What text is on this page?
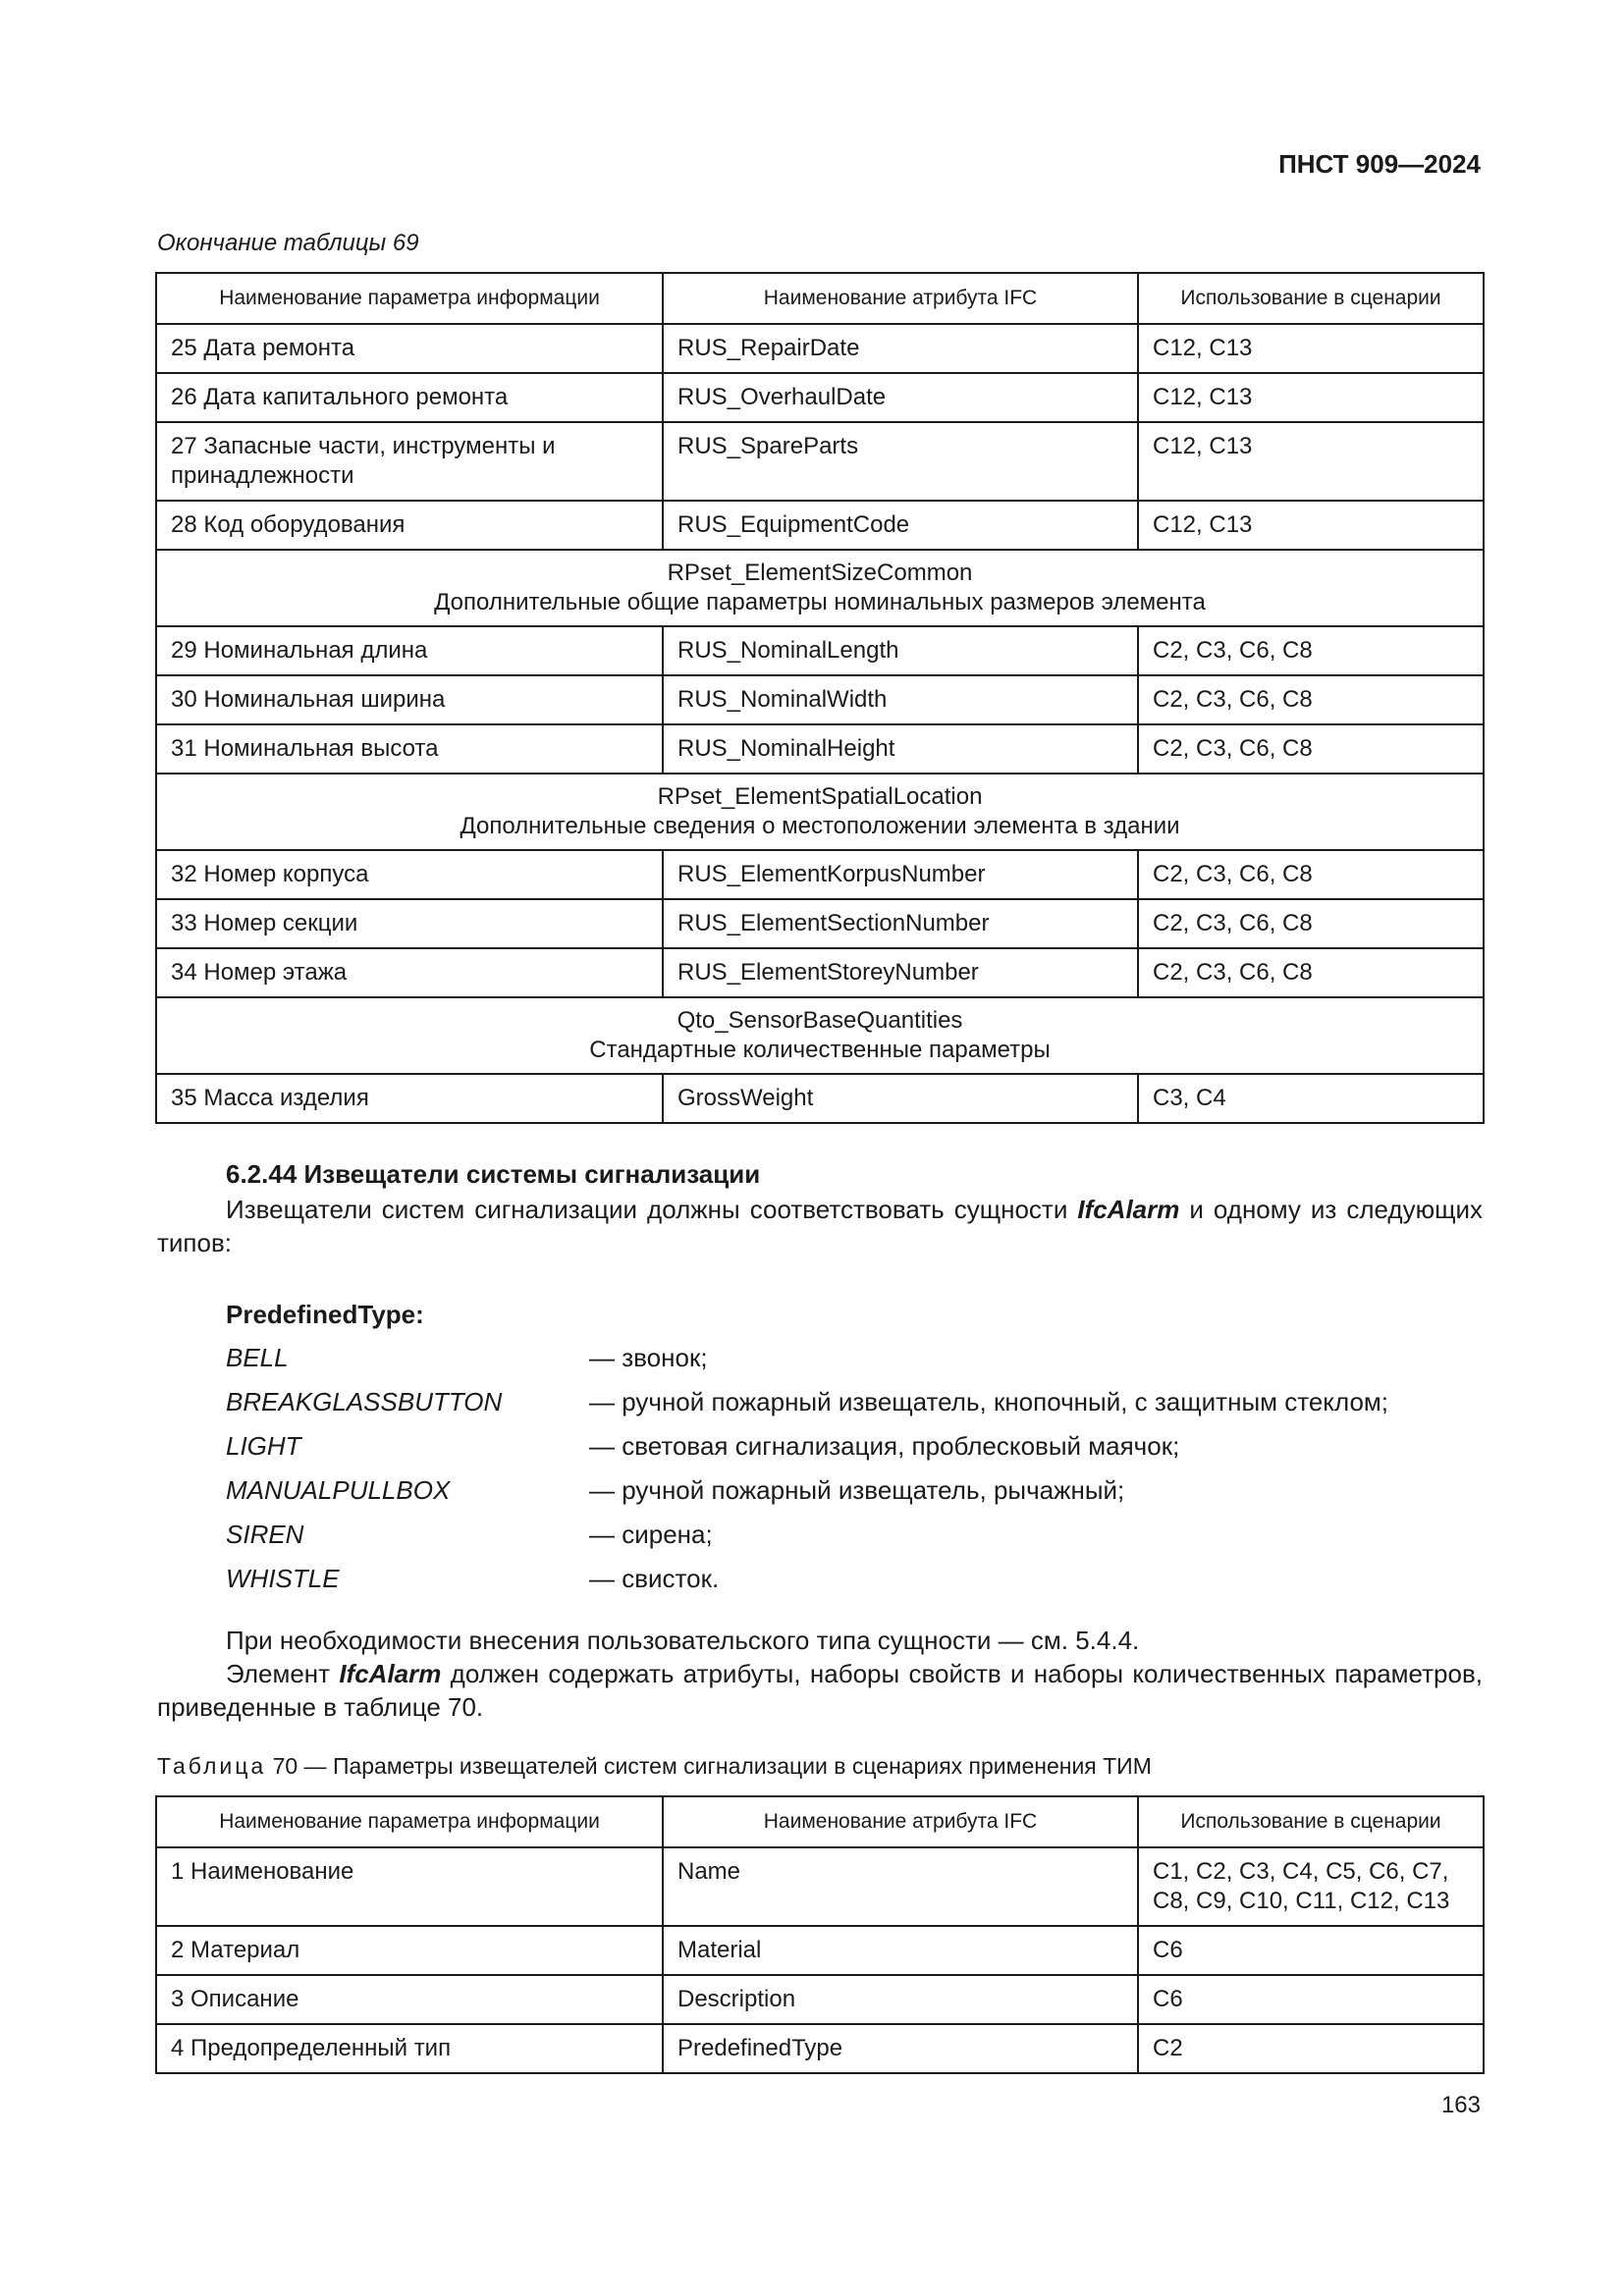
ПНСТ 909—2024
Окончание таблицы 69
Наименование параметра информации	Наименование атрибута IFC	Использование в сценарии
25 Дата ремонта	RUS_RepairDate	C12, C13
26 Дата капитального ремонта	RUS_OverhaulDate	C12, C13
27 Запасные части, инструменты и принадлежности	RUS_SpareParts	C12, C13
28 Код оборудования	RUS_EquipmentCode	C12, C13

RPset_ElementSizeCommon
Дополнительные общие параметры номинальных размеров элемента		

29 Номинальная длина	RUS_NominalLength	C2, C3, C6, C8
30 Номинальная ширина	RUS_NominalWidth	C2, C3, C6, C8
31 Номинальная высота	RUS_NominalHeight	C2, C3, C6, C8

RPset_ElementSpatialLocation
Дополнительные сведения о местоположении элемента в здании		

32 Номер корпуса	RUS_ElementKorpusNumber	C2, C3, C6, C8
33 Номер секции	RUS_ElementSectionNumber	C2, C3, C6, C8
34 Номер этажа	RUS_ElementStoreyNumber	C2, C3, C6, C8

Qto_SensorBaseQuantities
Стандартные количественные параметры		

35 Масса изделия	GrossWeight	C3, C4
6.2.44 Извещатели системы сигнализации
Извещатели систем сигнализации должны соответствовать сущности IfcAlarm и одному из следующих типов:
PredefinedType:
BELL	— звонок;
BREAKGLASSBUTTON	— ручной пожарный извещатель, кнопочный, с защитным стеклом;
LIGHT	— световая сигнализация, проблесковый маячок;
MANUALPULLBOX	— ручной пожарный извещатель, рычажный;
SIREN	— сирена;
WHISTLE	— свисток.
При необходимости внесения пользовательского типа сущности — см. 5.4.4.
Элемент IfcAlarm должен содержать атрибуты, наборы свойств и наборы количественных параметров, приведенные в таблице 70.
Таблица 70 — Параметры извещателей систем сигнализации в сценариях применения ТИМ
Наименование параметра информации	Наименование атрибута IFC	Использование в сценарии
1 Наименование	Name	C1, C2, C3, C4, C5, C6, C7, C8, C9, C10, C11, C12, C13
2 Материал	Material	C6
3 Описание	Description	C6
4 Предопределенный тип	PredefinedType	C2
163
